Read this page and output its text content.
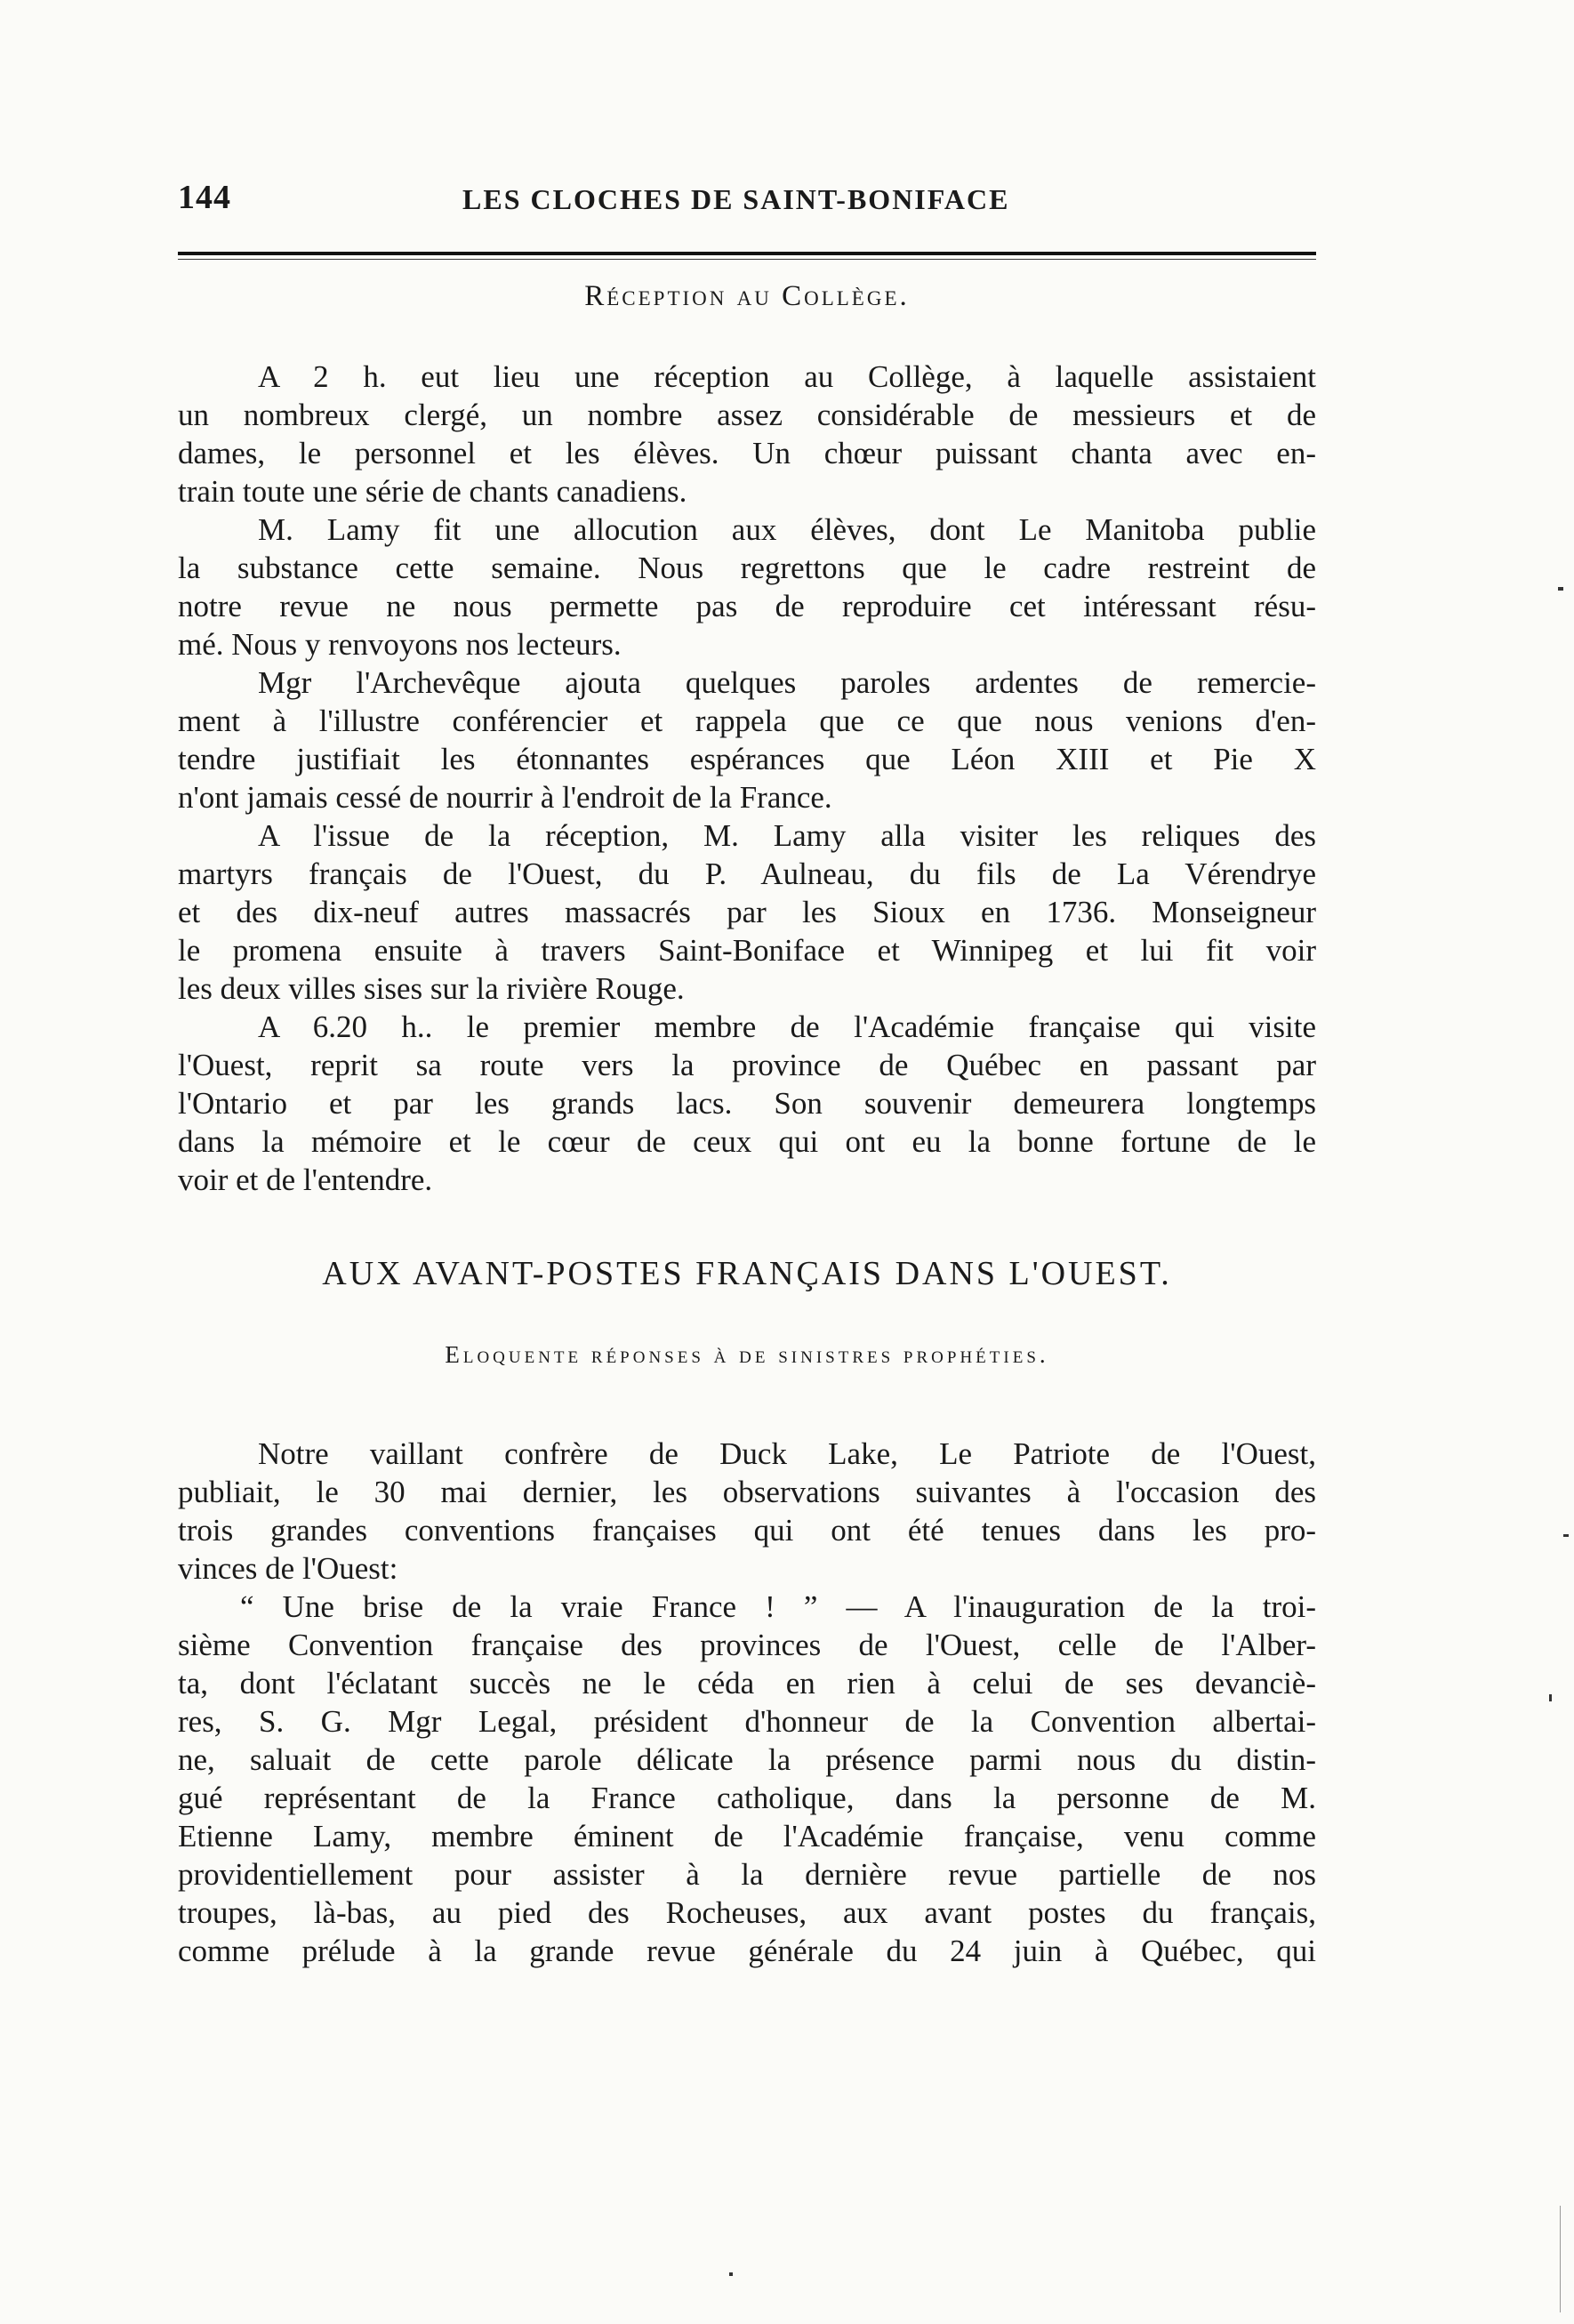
144	LES CLOCHES DE SAINT-BONIFACE
Réception au Collège.
A 2 h. eut lieu une réception au Collège, à laquelle assistaient
un nombreux clergé, un nombre assez considérable de messieurs et de
dames, le personnel et les élèves. Un chœur puissant chanta avec en-
train toute une série de chants canadiens.
M. Lamy fit une allocution aux élèves, dont Le Manitoba publie
la substance cette semaine. Nous regrettons que le cadre restreint de
notre revue ne nous permette pas de reproduire cet intéressant résu-
mé. Nous y renvoyons nos lecteurs.
Mgr l'Archevêque ajouta quelques paroles ardentes de remercie-
ment à l'illustre conférencier et rappela que ce que nous venions d'en-
tendre justifiait les étonnantes espérances que Léon XIII et Pie X
n'ont jamais cessé de nourrir à l'endroit de la France.
A l'issue de la réception, M. Lamy alla visiter les reliques des
martyrs français de l'Ouest, du P. Aulneau, du fils de La Vérendrye
et des dix-neuf autres massacrés par les Sioux en 1736. Monseigneur
le promena ensuite à travers Saint-Boniface et Winnipeg et lui fit voir
les deux villes sises sur la rivière Rouge.
A 6.20 h.. le premier membre de l'Académie française qui visite
l'Ouest, reprit sa route vers la province de Québec en passant par
l'Ontario et par les grands lacs. Son souvenir demeurera longtemps
dans la mémoire et le cœur de ceux qui ont eu la bonne fortune de le
voir et de l'entendre.
AUX AVANT-POSTES FRANÇAIS DANS L'OUEST.
Eloquente réponses à de sinistres prophéties.
Notre vaillant confrère de Duck Lake, Le Patriote de l'Ouest,
publiait, le 30 mai dernier, les observations suivantes à l'occasion des
trois grandes conventions françaises qui ont été tenues dans les pro-
vinces de l'Ouest:
“ Une brise de la vraie France ! ” — A l'inauguration de la troi-
sième Convention française des provinces de l'Ouest, celle de l'Alber-
ta, dont l'éclatant succès ne le céda en rien à celui de ses devanciè-
res, S. G. Mgr Legal, président d'honneur de la Convention albertai-
ne, saluait de cette parole délicate la présence parmi nous du distin-
gué représentant de la France catholique, dans la personne de M.
Etienne Lamy, membre éminent de l'Académie française, venu comme
providentiellement pour assister à la dernière revue partielle de nos
troupes, là-bas, au pied des Rocheuses, aux avant postes du français,
comme prélude à la grande revue générale du 24 juin à Québec, qui
